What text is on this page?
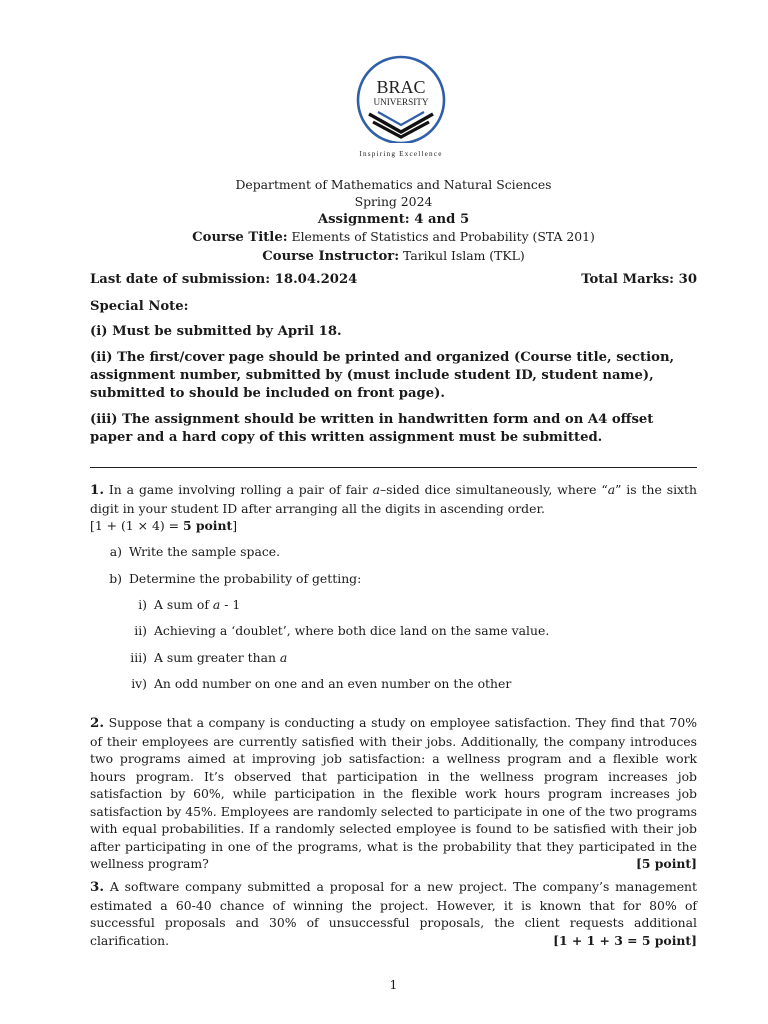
BRAC
UNIVERSITY
Inspiring Excellence
Department of Mathematics and Natural Sciences
Spring 2024
Assignment: 4 and 5
Course Title: Elements of Statistics and Probability (STA 201)
Course Instructor: Tarikul Islam (TKL)
Last date of submission: 18.04.2024	Total Marks: 30
Special Note:
(i) Must be submitted by April 18.
(ii) The first/cover page should be printed and organized (Course title, section, assignment number, submitted by (must include student ID, student name), submitted to should be included on front page).
(iii) The assignment should be written in handwritten form and on A4 offset paper and a hard copy of this written assignment must be submitted.
1. In a game involving rolling a pair of fair a–sided dice simultaneously, where “a” is the sixth digit in your student ID after arranging all the digits in ascending order.
[1 + (1 × 4) = 5 point]
a) Write the sample space.
b) Determine the probability of getting:
i) A sum of a - 1
ii) Achieving a ‘doublet’, where both dice land on the same value.
iii) A sum greater than a
iv) An odd number on one and an even number on the other
2. Suppose that a company is conducting a study on employee satisfaction. They find that 70% of their employees are currently satisfied with their jobs. Additionally, the company introduces two programs aimed at improving job satisfaction: a wellness program and a flexible work hours program. It’s observed that participation in the wellness program increases job satisfaction by 60%, while participation in the flexible work hours program increases job satisfaction by 45%. Employees are randomly selected to participate in one of the two programs with equal probabilities. If a randomly selected employee is found to be satisfied with their job after participating in one of the programs, what is the probability that they participated in the wellness program?	[5 point]
3. A software company submitted a proposal for a new project. The company’s management estimated a 60-40 chance of winning the project. However, it is known that for 80% of successful proposals and 30% of unsuccessful proposals, the client requests additional clarification.	[1 + 1 + 3 = 5 point]
1
